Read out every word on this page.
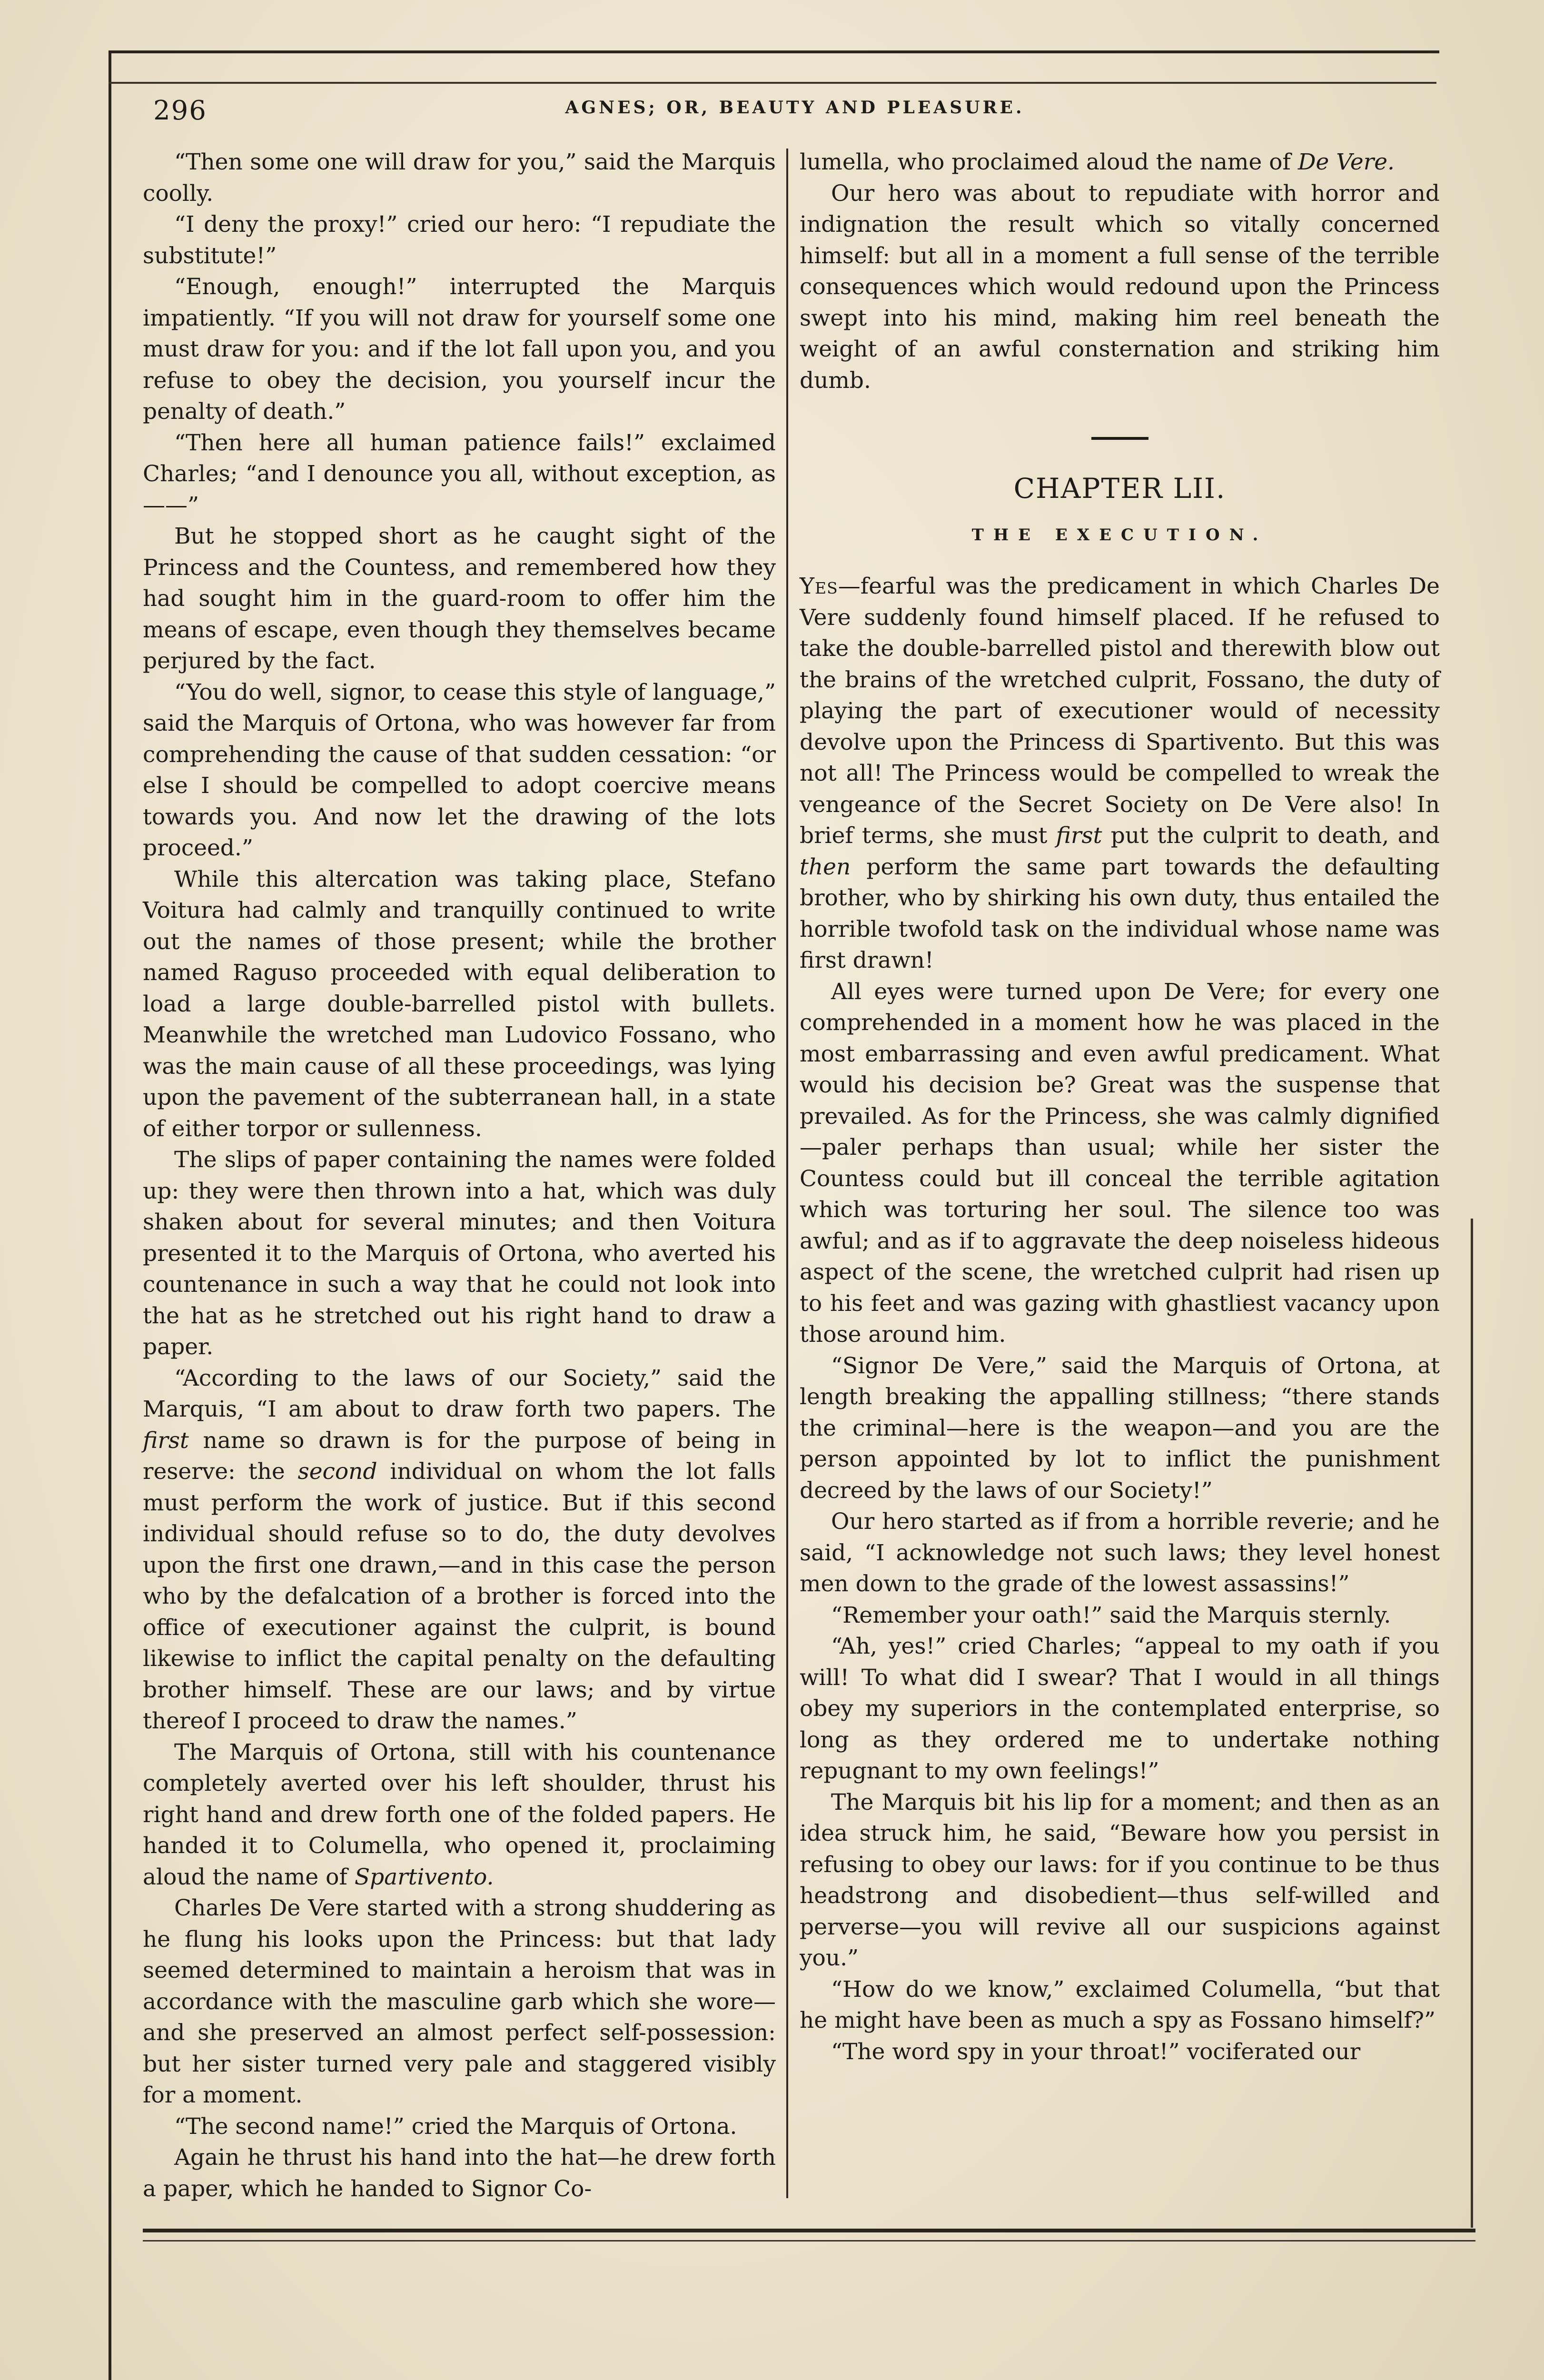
296	AGNES; OR, BEAUTY AND PLEASURE.

“Then some one will draw for you,” said the Marquis coolly.

“I deny the proxy!” cried our hero: “I repudiate the substitute!”

“Enough, enough!” interrupted the Marquis impatiently. “If you will not draw for yourself some one must draw for you: and if the lot fall upon you, and you refuse to obey the decision, you yourself incur the penalty of death.”

“Then here all human patience fails!” exclaimed Charles; “and I denounce you all, without exception, as——”

But he stopped short as he caught sight of the Princess and the Countess, and remembered how they had sought him in the guard-room to offer him the means of escape, even though they themselves became perjured by the fact.

“You do well, signor, to cease this style of language,” said the Marquis of Ortona, who was however far from comprehending the cause of that sudden cessation: “or else I should be compelled to adopt coercive means towards you. And now let the drawing of the lots proceed.”

While this altercation was taking place, Stefano Voitura had calmly and tranquilly continued to write out the names of those present; while the brother named Raguso proceeded with equal deliberation to load a large double-barrelled pistol with bullets. Meanwhile the wretched man Ludovico Fossano, who was the main cause of all these proceedings, was lying upon the pavement of the subterranean hall, in a state of either torpor or sullenness.

The slips of paper containing the names were folded up: they were then thrown into a hat, which was duly shaken about for several minutes; and then Voitura presented it to the Marquis of Ortona, who averted his countenance in such a way that he could not look into the hat as he stretched out his right hand to draw a paper.

“According to the laws of our Society,” said the Marquis, “I am about to draw forth two papers. The first name so drawn is for the purpose of being in reserve: the second individual on whom the lot falls must perform the work of justice. But if this second individual should refuse so to do, the duty devolves upon the first one drawn,—and in this case the person who by the defalcation of a brother is forced into the office of executioner against the culprit, is bound likewise to inflict the capital penalty on the defaulting brother himself. These are our laws; and by virtue thereof I proceed to draw the names.”

The Marquis of Ortona, still with his countenance completely averted over his left shoulder, thrust his right hand and drew forth one of the folded papers. He handed it to Columella, who opened it, proclaiming aloud the name of Spartivento.

Charles De Vere started with a strong shuddering as he flung his looks upon the Princess: but that lady seemed determined to maintain a heroism that was in accordance with the masculine garb which she wore—and she preserved an almost perfect self-possession: but her sister turned very pale and staggered visibly for a moment.

“The second name!” cried the Marquis of Ortona.

Again he thrust his hand into the hat—he drew forth a paper, which he handed to Signor Co-

lumella, who proclaimed aloud the name of De Vere.

Our hero was about to repudiate with horror and indignation the result which so vitally concerned himself: but all in a moment a full sense of the terrible consequences which would redound upon the Princess swept into his mind, making him reel beneath the weight of an awful consternation and striking him dumb.

CHAPTER LII.
THE EXECUTION.

Yes—fearful was the predicament in which Charles De Vere suddenly found himself placed. If he refused to take the double-barrelled pistol and therewith blow out the brains of the wretched culprit, Fossano, the duty of playing the part of executioner would of necessity devolve upon the Princess di Spartivento. But this was not all! The Princess would be compelled to wreak the vengeance of the Secret Society on De Vere also! In brief terms, she must first put the culprit to death, and then perform the same part towards the defaulting brother, who by shirking his own duty, thus entailed the horrible twofold task on the individual whose name was first drawn!

All eyes were turned upon De Vere; for every one comprehended in a moment how he was placed in the most embarrassing and even awful predicament. What would his decision be? Great was the suspense that prevailed. As for the Princess, she was calmly dignified—paler perhaps than usual; while her sister the Countess could but ill conceal the terrible agitation which was torturing her soul. The silence too was awful; and as if to aggravate the deep noiseless hideous aspect of the scene, the wretched culprit had risen up to his feet and was gazing with ghastliest vacancy upon those around him.

“Signor De Vere,” said the Marquis of Ortona, at length breaking the appalling stillness; “there stands the criminal—here is the weapon—and you are the person appointed by lot to inflict the punishment decreed by the laws of our Society!”

Our hero started as if from a horrible reverie; and he said, “I acknowledge not such laws; they level honest men down to the grade of the lowest assassins!”

“Remember your oath!” said the Marquis sternly.

“Ah, yes!” cried Charles; “appeal to my oath if you will! To what did I swear? That I would in all things obey my superiors in the contemplated enterprise, so long as they ordered me to undertake nothing repugnant to my own feelings!”

The Marquis bit his lip for a moment; and then as an idea struck him, he said, “Beware how you persist in refusing to obey our laws: for if you continue to be thus headstrong and disobedient—thus self-willed and perverse—you will revive all our suspicions against you.”

“How do we know,” exclaimed Columella, “but that he might have been as much a spy as Fossano himself?”

“The word spy in your throat!” vociferated our
